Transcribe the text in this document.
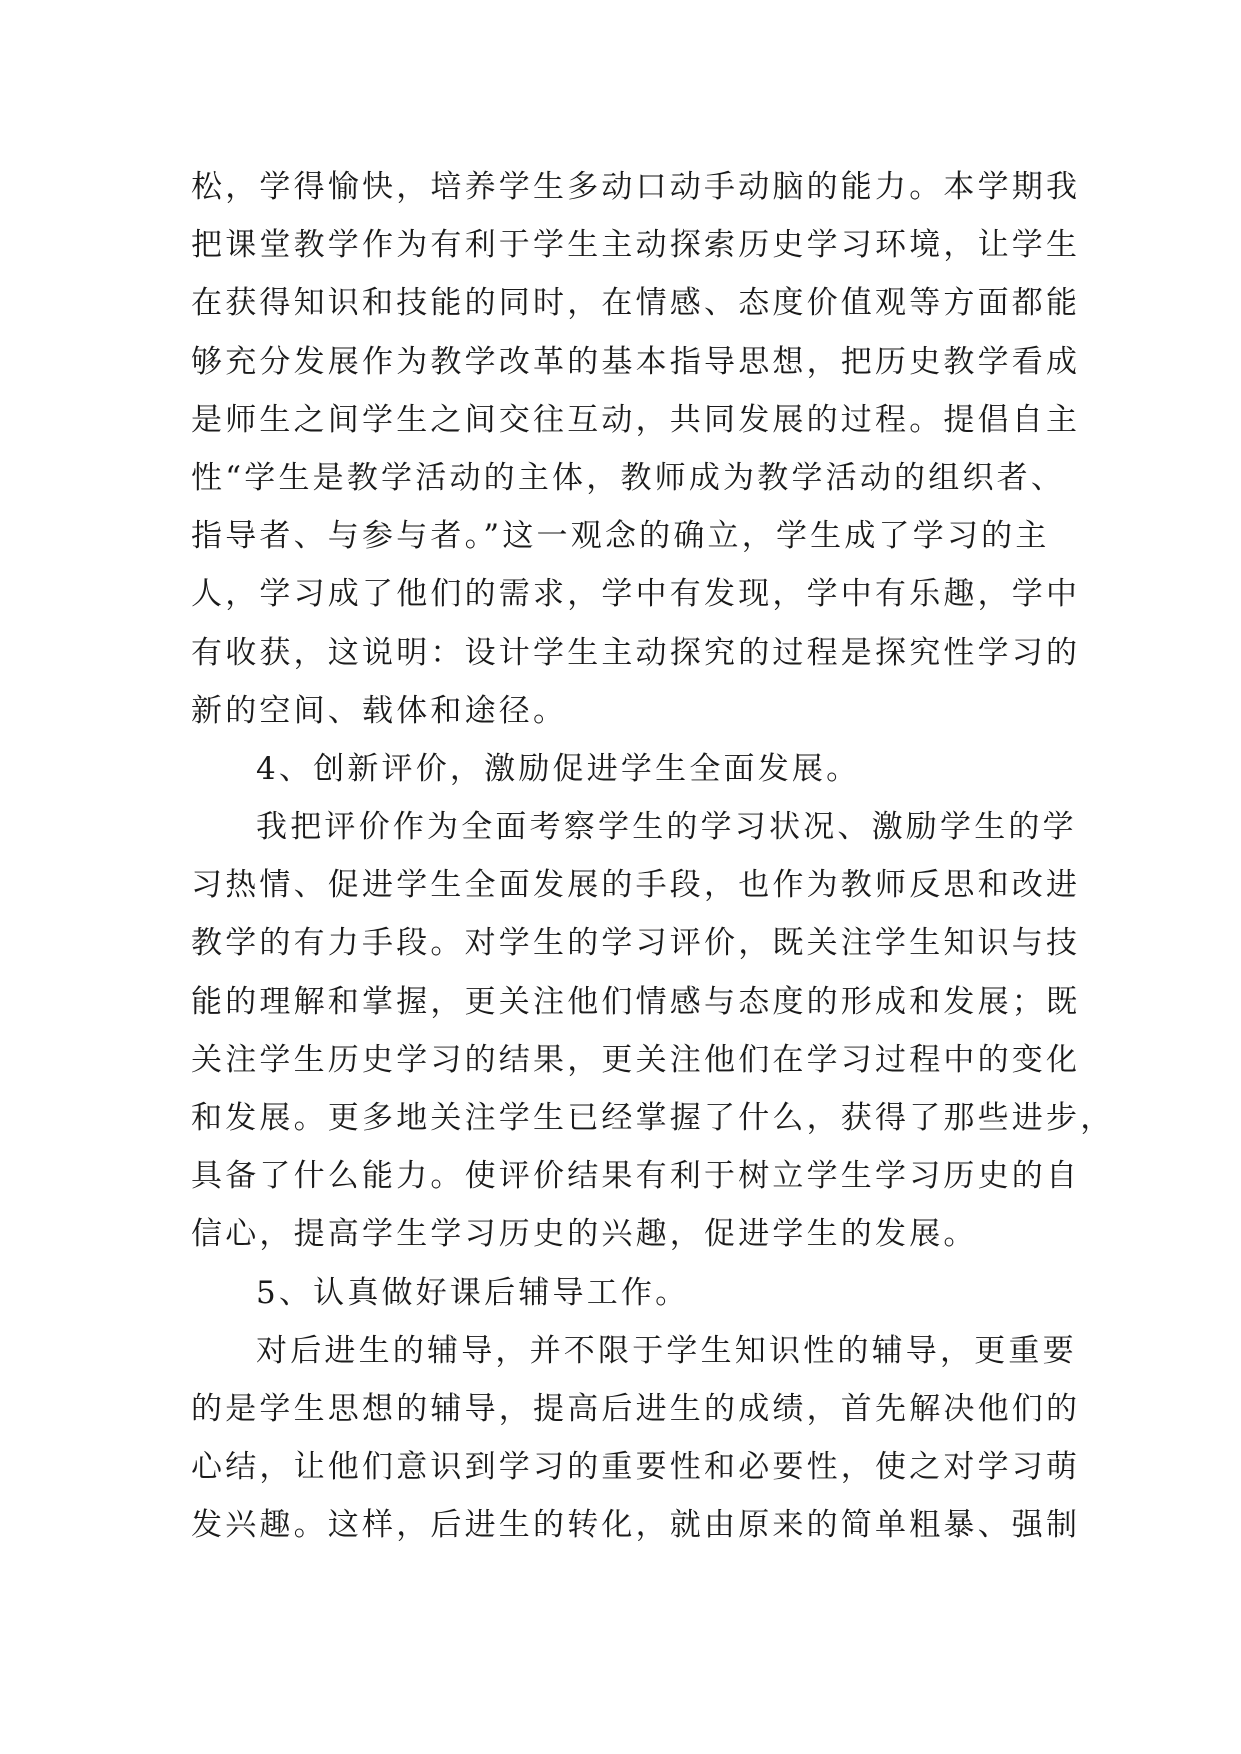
松，学得愉快，培养学生多动口动手动脑的能力。本学期我
把课堂教学作为有利于学生主动探索历史学习环境，让学生
在获得知识和技能的同时，在情感、态度价值观等方面都能
够充分发展作为教学改革的基本指导思想，把历史教学看成
是师生之间学生之间交往互动，共同发展的过程。提倡自主
性“学生是教学活动的主体，教师成为教学活动的组织者、
指导者、与参与者。”这一观念的确立，学生成了学习的主
人，学习成了他们的需求，学中有发现，学中有乐趣，学中
有收获，这说明：设计学生主动探究的过程是探究性学习的
新的空间、载体和途径。
4、创新评价，激励促进学生全面发展。
我把评价作为全面考察学生的学习状况、激励学生的学
习热情、促进学生全面发展的手段，也作为教师反思和改进
教学的有力手段。对学生的学习评价，既关注学生知识与技
能的理解和掌握，更关注他们情感与态度的形成和发展；既
关注学生历史学习的结果，更关注他们在学习过程中的变化
和发展。更多地关注学生已经掌握了什么，获得了那些进步，
具备了什么能力。使评价结果有利于树立学生学习历史的自
信心，提高学生学习历史的兴趣，促进学生的发展。
5、认真做好课后辅导工作。
对后进生的辅导，并不限于学生知识性的辅导，更重要
的是学生思想的辅导，提高后进生的成绩，首先解决他们的
心结，让他们意识到学习的重要性和必要性，使之对学习萌
发兴趣。这样，后进生的转化，就由原来的简单粗暴、强制
